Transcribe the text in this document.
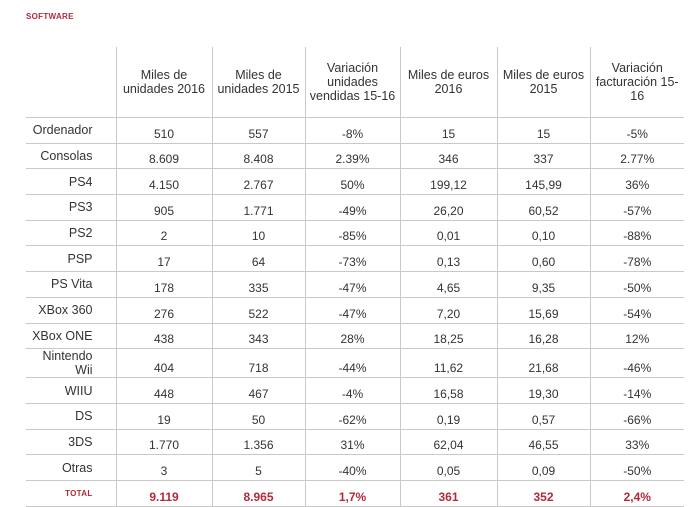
SOFTWARE
	Miles de unidades 2016	Miles de unidades 2015	Variación unidades vendidas 15-16	Miles de euros 2016	Miles de euros 2015	Variación facturación 15-16
Ordenador	510	557	-8%	15	15	-5%
Consolas	8.609	8.408	2.39%	346	337	2.77%
PS4	4.150	2.767	50%	199,12	145,99	36%
PS3	905	1.771	-49%	26,20	60,52	-57%
PS2	2	10	-85%	0,01	0,10	-88%
PSP	17	64	-73%	0,13	0,60	-78%
PS Vita	178	335	-47%	4,65	9,35	-50%
XBox 360	276	522	-47%	7,20	15,69	-54%
XBox ONE	438	343	28%	18,25	16,28	12%
Nintendo Wii	404	718	-44%	11,62	21,68	-46%
WIIU	448	467	-4%	16,58	19,30	-14%
DS	19	50	-62%	0,19	0,57	-66%
3DS	1.770	1.356	31%	62,04	46,55	33%
Otras	3	5	-40%	0,05	0,09	-50%
TOTAL	9.119	8.965	1,7%	361	352	2,4%
